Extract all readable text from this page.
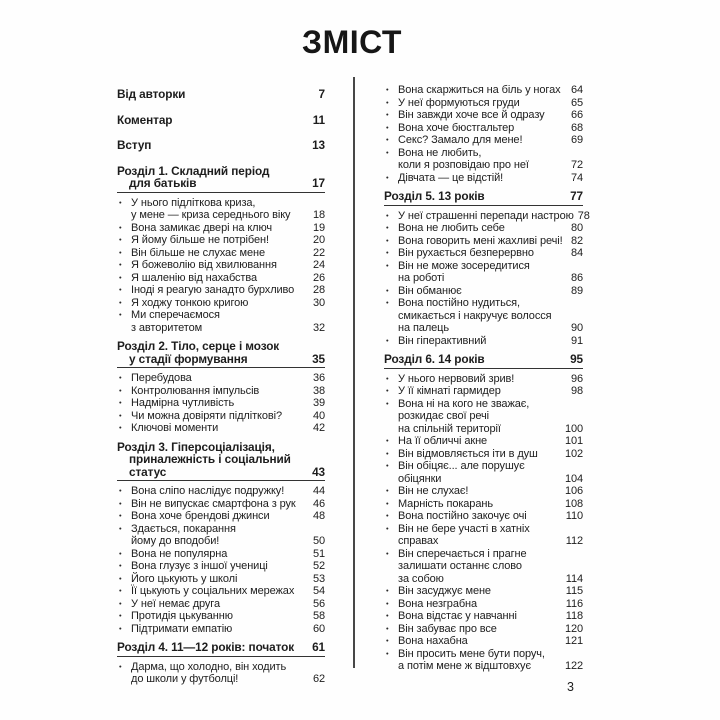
ЗМІСТ
Від авторки	7
Коментар	11
Вступ	13
Розділ 1. Складний період
для батьків	17
• У нього підліткова криза,
у мене — криза середнього віку 18
• Вона замикає двері на ключ	19
• Я йому більше не потрібен!	20
• Він більше не слухає мене	22
• Я божеволію від хвилювання	24
• Я шаленію від нахабства	26
• Іноді я реагую занадто бурхливо 28
• Я ходжу тонкою кригою	30
• Ми сперечаємося
з авторитетом	32
Розділ 2. Тіло, серце і мозок
у стадії формування	35
• Перебудова	36
• Контролювання імпульсів	38
• Надмірна чутливість	39
• Чи можна довіряти підліткові?	40
• Ключові моменти	42
Розділ 3. Гіперсоціалізація,
приналежність і соціальний
статус	43
• Вона сліпо наслідує подружку!	44
• Він не випускає смартфона з рук 46
• Вона хоче брендові джинси	48
• Здається, покарання
йому до вподоби!	50
• Вона не популярна	51
• Вона глузує з іншої учениці	52
• Його цькують у школі	53
• Її цькують у соціальних мережах 54
• У неї немає друга	56
• Протидія цькуванню	58
• Підтримати емпатію	60
Розділ 4. 11—12 років: початок 61
• Дарма, що холодно, він ходить
до школи у футболці!	62
• Вона скаржиться на біль у ногах 64
• У неї формуються груди	65
• Він завжди хоче все й одразу 66
• Вона хоче бюстгальтер	68
• Секс? Замало для мене!	69
• Вона не любить,
коли я розповідаю про неї	72
• Дівчата — це відстій!	74
Розділ 5. 13 років	77
• У неї страшенні перепади настрою 78
• Вона не любить себе	80
• Вона говорить мені жахливі речі! 82
• Він рухається безперервно	84
• Він не може зосередитися
на роботі	86
• Він обманює	89
• Вона постійно нудиться,
смикається і накручує волосся
на палець	90
• Він гіперактивний	91
Розділ 6. 14 років	95
• У нього нервовий зрив!	96
• У її кімнаті гармидер	98
• Вона ні на кого не зважає,
розкидає свої речі
на спільній території	100
• На її обличчі акне	101
• Він відмовляється іти в душ 102
• Він обіцяє... але порушує
обіцянки	104
• Він не слухає!	106
• Марність покарань	108
• Вона постійно закочує очі	110
• Він не бере участі в хатніх
справах	112
• Він сперечається і прагне
залишати останнє слово
за собою	114
• Він засуджує мене	115
• Вона незграбна	116
• Вона відстає у навчанні	118
• Він забуває про все	120
• Вона нахабна	121
• Він просить мене бути поруч,
а потім мене ж відштовхує	122
3
